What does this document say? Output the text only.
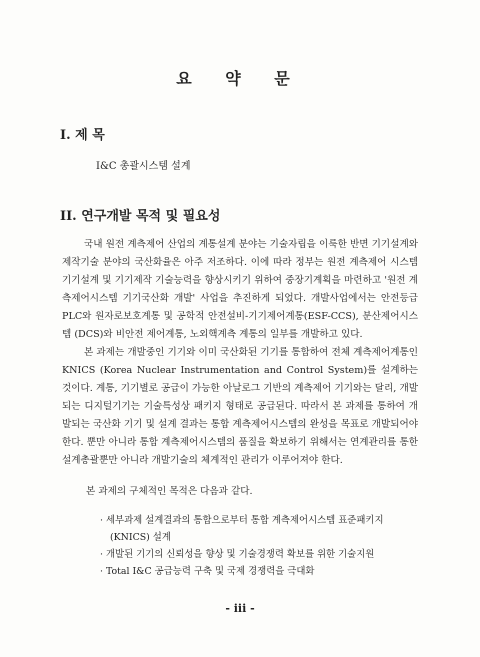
요 약 문
I. 제 목
I&C 총괄시스템 설계
II. 연구개발 목적 및 필요성

국내 원전 계측제어 산업의 계통설계 분야는 기술자립을 이룩한 반면 기기설계와 제작기술 분야의 국산화율은 아주 저조하다. 이에 따라 정부는 원전 계측제어 시스템 기기설계 및 기기제작 기술능력을 향상시키기 위하여 중장기계획을 마련하고 '원전 계측제어시스템 기기국산화 개발' 사업을 추진하게 되었다. 개발사업에서는 안전등급 PLC와 원자로보호계통 및 공학적 안전설비-기기제어계통(ESF-CCS), 분산제어시스템 (DCS)와 비안전 제어계통, 노외핵계측 계통의 일부를 개발하고 있다.

본 과제는 개발중인 기기와 이미 국산화된 기기를 통합하여 전체 계측제어계통인 KNICS (Korea Nuclear Instrumentation and Control System)를 설계하는 것이다. 계통, 기기별로 공급이 가능한 아날로그 기반의 계측제어 기기와는 달리, 개발되는 디지털기기는 기술특성상 패키지 형태로 공급된다. 따라서 본 과제를 통하여 개발되는 국산화 기기 및 설계 결과는 통합 계측제어시스템의 완성을 목표로 개발되어야 한다. 뿐만 아니라 통합 계측제어시스템의 품질을 확보하기 위해서는 연계관리를 통한 설계총괄뿐만 아니라 개발기술의 체계적인 관리가 이루어져야 한다.

본 과제의 구체적인 목적은 다음과 같다.
· 세부과제 설계결과의 통합으로부터 통합 계측제어시스템 표준패키지(KNICS) 설계
· 개발된 기기의 신뢰성을 향상 및 기술경쟁력 확보를 위한 기술지원
· Total I&C 공급능력 구축 및 국제 경쟁력을 극대화
- iii -
